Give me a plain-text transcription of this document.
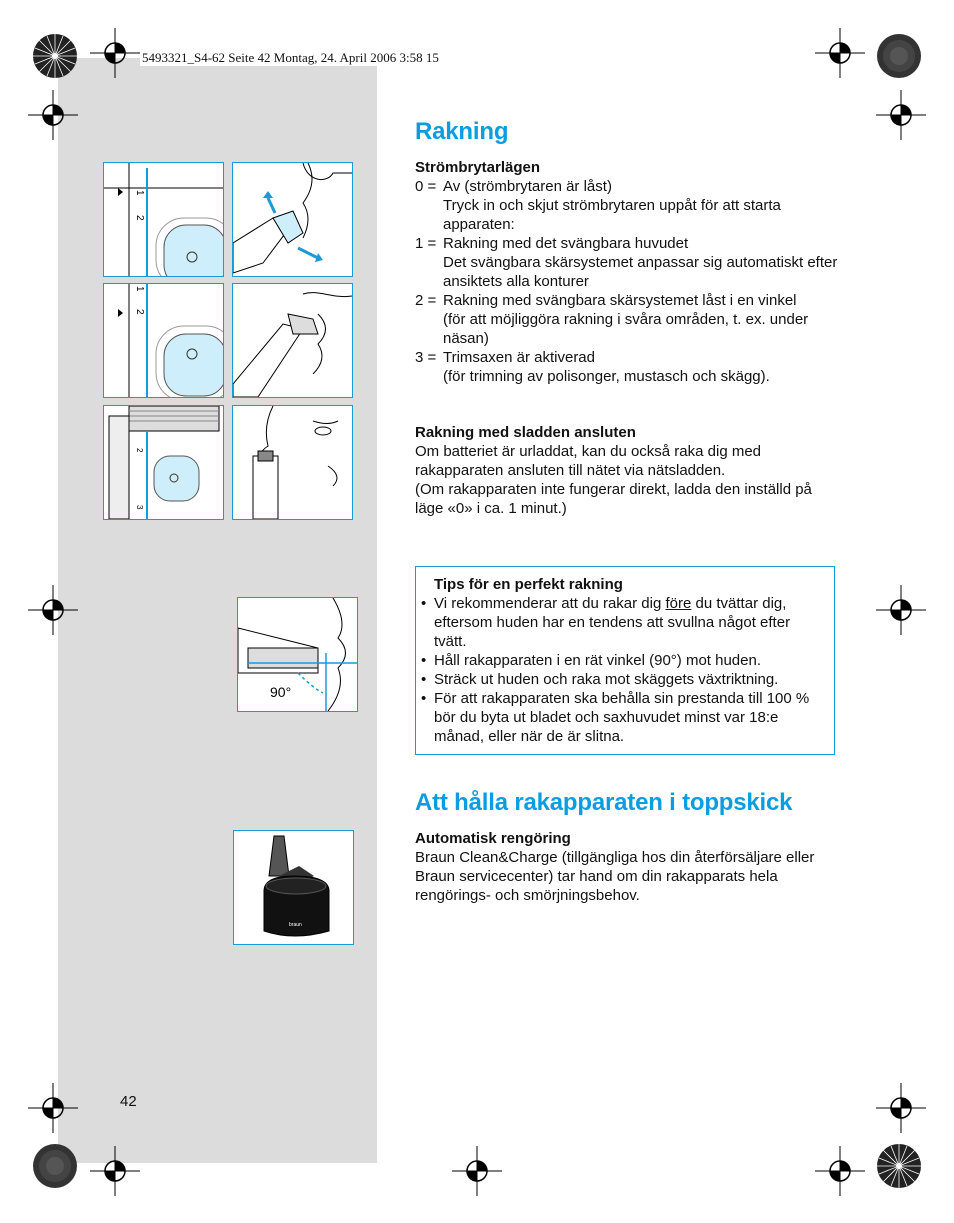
5493321_S4-62 Seite 42 Montag, 24. April 2006 3:58 15
1
2
1
2
2
3
90°
braun
Rakning
Strömbrytarlägen
0 = Av (strömbrytaren är låst)
Tryck in och skjut strömbrytaren uppåt för att starta apparaten:
1 = Rakning med det svängbara huvudet
Det svängbara skärsystemet anpassar sig automatiskt efter ansiktets alla konturer
2 = Rakning med svängbara skärsystemet låst i en vinkel
(för att möjliggöra rakning i svåra områden, t. ex. under näsan)
3 = Trimsaxen är aktiverad
(för trimning av polisonger, mustasch och skägg).
Rakning med sladden ansluten
Om batteriet är urladdat, kan du också raka dig med rakapparaten ansluten till nätet via nätsladden.
(Om rakapparaten inte fungerar direkt, ladda den inställd på läge «0» i ca. 1 minut.)
Tips för en perfekt rakning
• Vi rekommenderar att du rakar dig före du tvättar dig, eftersom huden har en tendens att svullna något efter tvätt.
• Håll rakapparaten i en rät vinkel (90°) mot huden.
• Sträck ut huden och raka mot skäggets växtriktning.
• För att rakapparaten ska behålla sin prestanda till 100 % bör du byta ut bladet och saxhuvudet minst var 18:e månad, eller när de är slitna.
Att hålla rakapparaten i toppskick
Automatisk rengöring
Braun Clean&Charge (tillgängliga hos din återförsäljare eller Braun servicecenter) tar hand om din rakapparats hela rengörings- och smörjningsbehov.
42
